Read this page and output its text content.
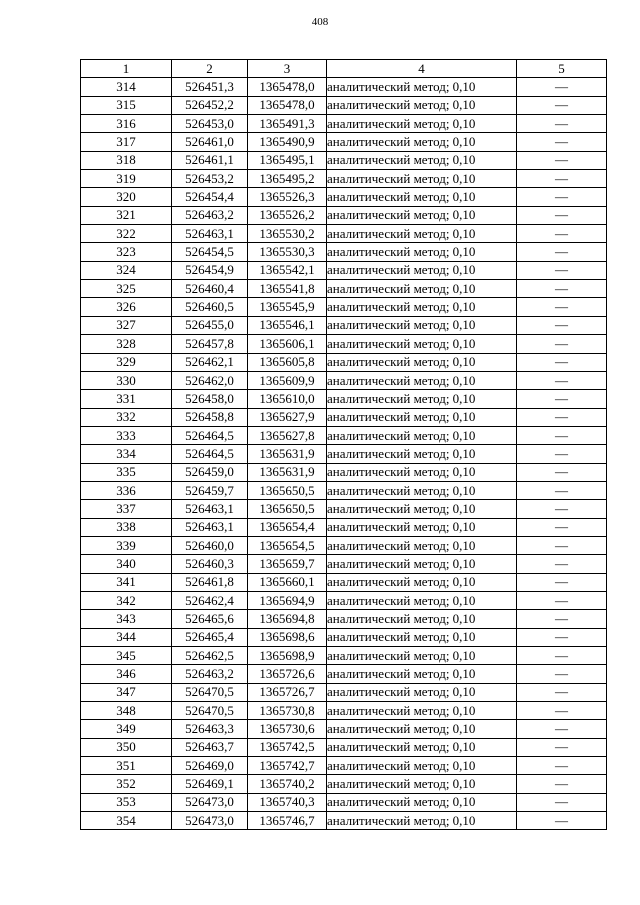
408
1	2	3	4	5
314	526451,3	1365478,0	аналитический метод; 0,10	—
315	526452,2	1365478,0	аналитический метод; 0,10	—
316	526453,0	1365491,3	аналитический метод; 0,10	—
317	526461,0	1365490,9	аналитический метод; 0,10	—
318	526461,1	1365495,1	аналитический метод; 0,10	—
319	526453,2	1365495,2	аналитический метод; 0,10	—
320	526454,4	1365526,3	аналитический метод; 0,10	—
321	526463,2	1365526,2	аналитический метод; 0,10	—
322	526463,1	1365530,2	аналитический метод; 0,10	—
323	526454,5	1365530,3	аналитический метод; 0,10	—
324	526454,9	1365542,1	аналитический метод; 0,10	—
325	526460,4	1365541,8	аналитический метод; 0,10	—
326	526460,5	1365545,9	аналитический метод; 0,10	—
327	526455,0	1365546,1	аналитический метод; 0,10	—
328	526457,8	1365606,1	аналитический метод; 0,10	—
329	526462,1	1365605,8	аналитический метод; 0,10	—
330	526462,0	1365609,9	аналитический метод; 0,10	—
331	526458,0	1365610,0	аналитический метод; 0,10	—
332	526458,8	1365627,9	аналитический метод; 0,10	—
333	526464,5	1365627,8	аналитический метод; 0,10	—
334	526464,5	1365631,9	аналитический метод; 0,10	—
335	526459,0	1365631,9	аналитический метод; 0,10	—
336	526459,7	1365650,5	аналитический метод; 0,10	—
337	526463,1	1365650,5	аналитический метод; 0,10	—
338	526463,1	1365654,4	аналитический метод; 0,10	—
339	526460,0	1365654,5	аналитический метод; 0,10	—
340	526460,3	1365659,7	аналитический метод; 0,10	—
341	526461,8	1365660,1	аналитический метод; 0,10	—
342	526462,4	1365694,9	аналитический метод; 0,10	—
343	526465,6	1365694,8	аналитический метод; 0,10	—
344	526465,4	1365698,6	аналитический метод; 0,10	—
345	526462,5	1365698,9	аналитический метод; 0,10	—
346	526463,2	1365726,6	аналитический метод; 0,10	—
347	526470,5	1365726,7	аналитический метод; 0,10	—
348	526470,5	1365730,8	аналитический метод; 0,10	—
349	526463,3	1365730,6	аналитический метод; 0,10	—
350	526463,7	1365742,5	аналитический метод; 0,10	—
351	526469,0	1365742,7	аналитический метод; 0,10	—
352	526469,1	1365740,2	аналитический метод; 0,10	—
353	526473,0	1365740,3	аналитический метод; 0,10	—
354	526473,0	1365746,7	аналитический метод; 0,10	—
